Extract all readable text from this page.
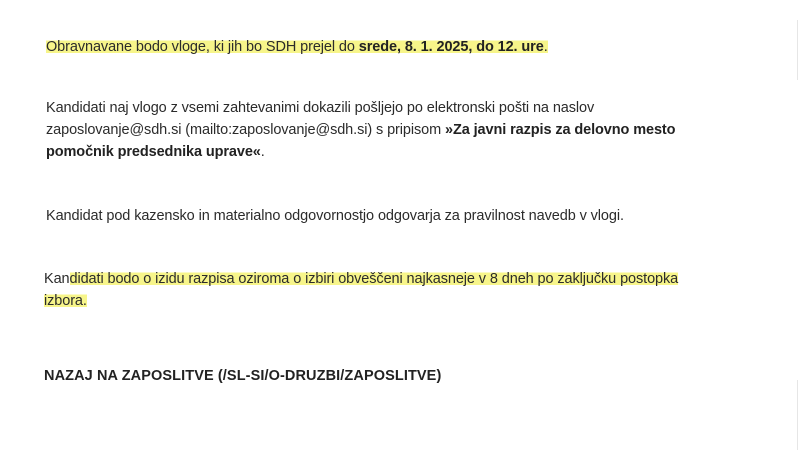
Obravnavane bodo vloge, ki jih bo SDH prejel do srede, 8. 1. 2025, do 12. ure.

Kandidati naj vlogo z vsemi zahtevanimi dokazili pošljejo po elektronski pošti na naslov
zaposlovanje@sdh.si (mailto:zaposlovanje@sdh.si) s pripisom »Za javni razpis za delovno mesto
pomočnik predsednika uprave«.

Kandidat pod kazensko in materialno odgovornostjo odgovarja za pravilnost navedb v vlogi.

Kandidati bodo o izidu razpisa oziroma o izbiri obveščeni najkasneje v 8 dneh po zaključku postopka
izbora.

NAZAJ NA ZAPOSLITVE (/SL-SI/O-DRUZBI/ZAPOSLITVE)
